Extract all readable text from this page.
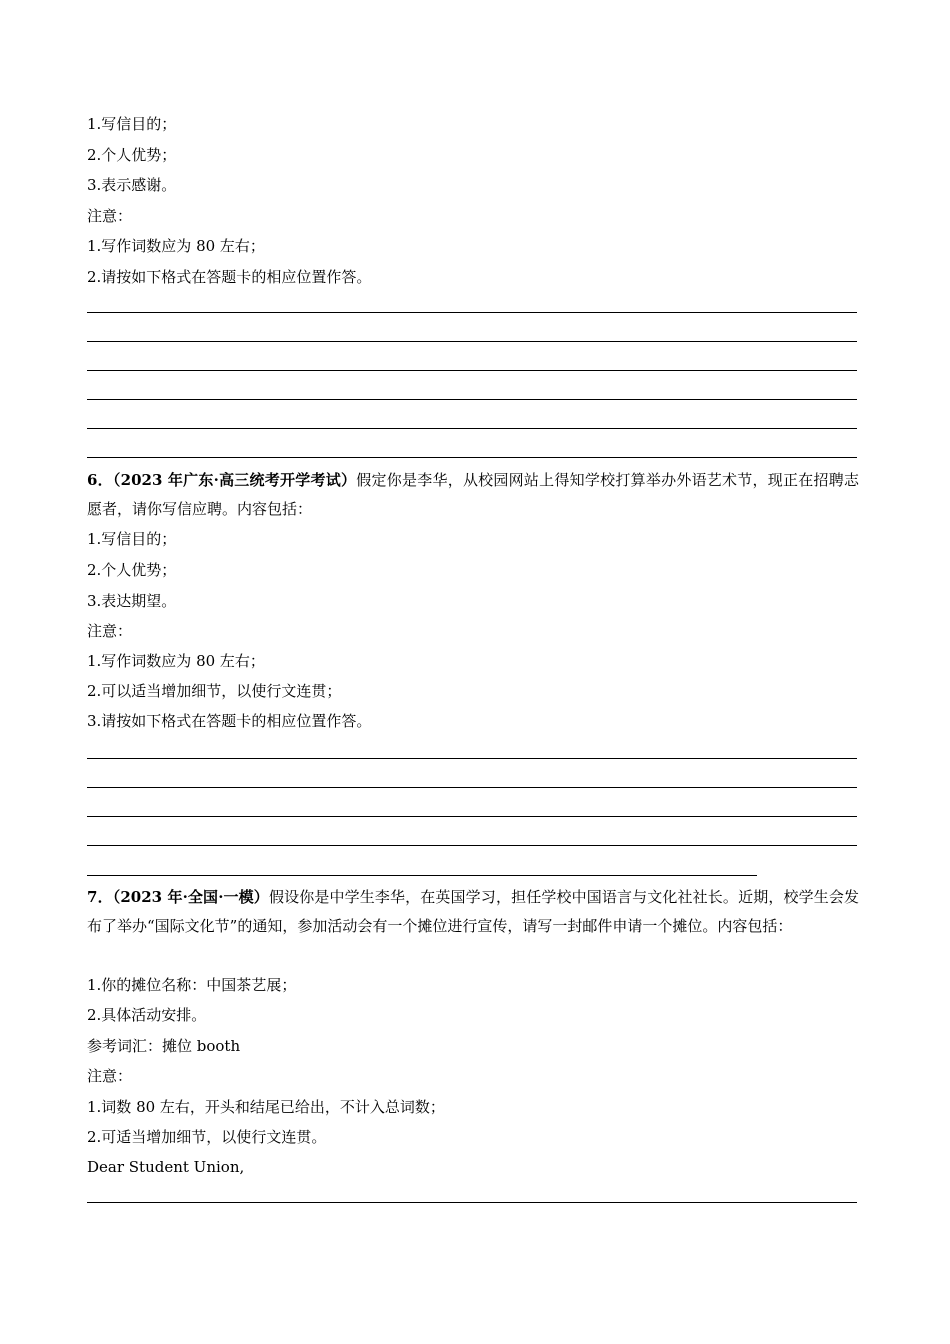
1.写信目的；
2.个人优势；
3.表示感谢。
注意：
1.写作词数应为 80 左右；
2.请按如下格式在答题卡的相应位置作答。
6．（2023 年广东·高三统考开学考试）假定你是李华，从校园网站上得知学校打算举办外语艺术节，现正在招聘志愿者，请你写信应聘。内容包括：
1.写信目的；
2.个人优势；
3.表达期望。
注意：
1.写作词数应为 80 左右；
2.可以适当增加细节，以使行文连贯；
3.请按如下格式在答题卡的相应位置作答。
7．（2023 年·全国·一模）假设你是中学生李华，在英国学习，担任学校中国语言与文化社社长。近期，校学生会发布了举办“国际文化节”的通知，参加活动会有一个摊位进行宣传，请写一封邮件申请一个摊位。内容包括：
1.你的摊位名称：中国茶艺展；
2.具体活动安排。
参考词汇：摊位 booth
注意：
1.词数 80 左右，开头和结尾已给出，不计入总词数；
2.可适当增加细节，以使行文连贯。
Dear Student Union,
